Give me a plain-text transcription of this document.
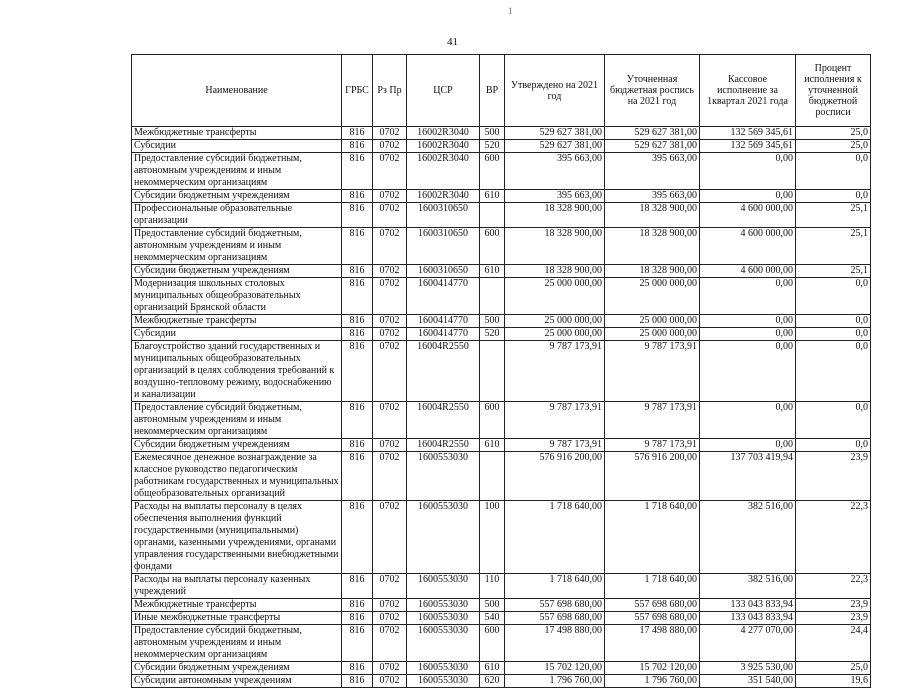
1
41
Наименование	ГРБС	Рз Пр	ЦСР	ВР	Утверждено на 2021 год	Уточненная бюджетная роспись на 2021 год	Кассовое исполнение за 1квартал 2021 года	Процент исполнения к уточненной бюджетной росписи
Межбюджетные трансферты	816	0702	16002R3040	500	529 627 381,00	529 627 381,00	132 569 345,61	25,0
Субсидии	816	0702	16002R3040	520	529 627 381,00	529 627 381,00	132 569 345,61	25,0
Предоставление субсидий бюджетным, автономным учреждениям и иным некоммерческим организациям	816	0702	16002R3040	600	395 663,00	395 663,00	0,00	0,0
Субсидии бюджетным учреждениям	816	0702	16002R3040	610	395 663,00	395 663,00	0,00	0,0
Профессиональные образовательные организации	816	0702	1600310650		18 328 900,00	18 328 900,00	4 600 000,00	25,1
Предоставление субсидий бюджетным, автономным учреждениям и иным некоммерческим организациям	816	0702	1600310650	600	18 328 900,00	18 328 900,00	4 600 000,00	25,1
Субсидии бюджетным учреждениям	816	0702	1600310650	610	18 328 900,00	18 328 900,00	4 600 000,00	25,1
Модернизация школьных столовых муниципальных общеобразовательных организаций Брянской области	816	0702	1600414770		25 000 000,00	25 000 000,00	0,00	0,0
Межбюджетные трансферты	816	0702	1600414770	500	25 000 000,00	25 000 000,00	0,00	0,0
Субсидии	816	0702	1600414770	520	25 000 000,00	25 000 000,00	0,00	0,0
Благоустройство зданий государственных и муниципальных общеобразовательных организаций в целях соблюдения требований к воздушно-тепловому режиму, водоснабжению и канализации	816	0702	16004R2550		9 787 173,91	9 787 173,91	0,00	0,0
Предоставление субсидий бюджетным, автономным учреждениям и иным некоммерческим организациям	816	0702	16004R2550	600	9 787 173,91	9 787 173,91	0,00	0,0
Субсидии бюджетным учреждениям	816	0702	16004R2550	610	9 787 173,91	9 787 173,91	0,00	0,0
Ежемесячное денежное вознаграждение за классное руководство педагогическим работникам государственных и муниципальных общеобразовательных организаций	816	0702	1600553030		576 916 200,00	576 916 200,00	137 703 419,94	23,9
Расходы на выплаты персоналу в целях обеспечения выполнения функций государственными (муниципальными) органами, казенными учреждениями, органами управления государственными внебюджетными фондами	816	0702	1600553030	100	1 718 640,00	1 718 640,00	382 516,00	22,3
Расходы на выплаты персоналу казенных учреждений	816	0702	1600553030	110	1 718 640,00	1 718 640,00	382 516,00	22,3
Межбюджетные трансферты	816	0702	1600553030	500	557 698 680,00	557 698 680,00	133 043 833,94	23,9
Иные межбюджетные трансферты	816	0702	1600553030	540	557 698 680,00	557 698 680,00	133 043 833,94	23,9
Предоставление субсидий бюджетным, автономным учреждениям и иным некоммерческим организациям	816	0702	1600553030	600	17 498 880,00	17 498 880,00	4 277 070,00	24,4
Субсидии бюджетным учреждениям	816	0702	1600553030	610	15 702 120,00	15 702 120,00	3 925 530,00	25,0
Субсидии автономным учреждениям	816	0702	1600553030	620	1 796 760,00	1 796 760,00	351 540,00	19,6
